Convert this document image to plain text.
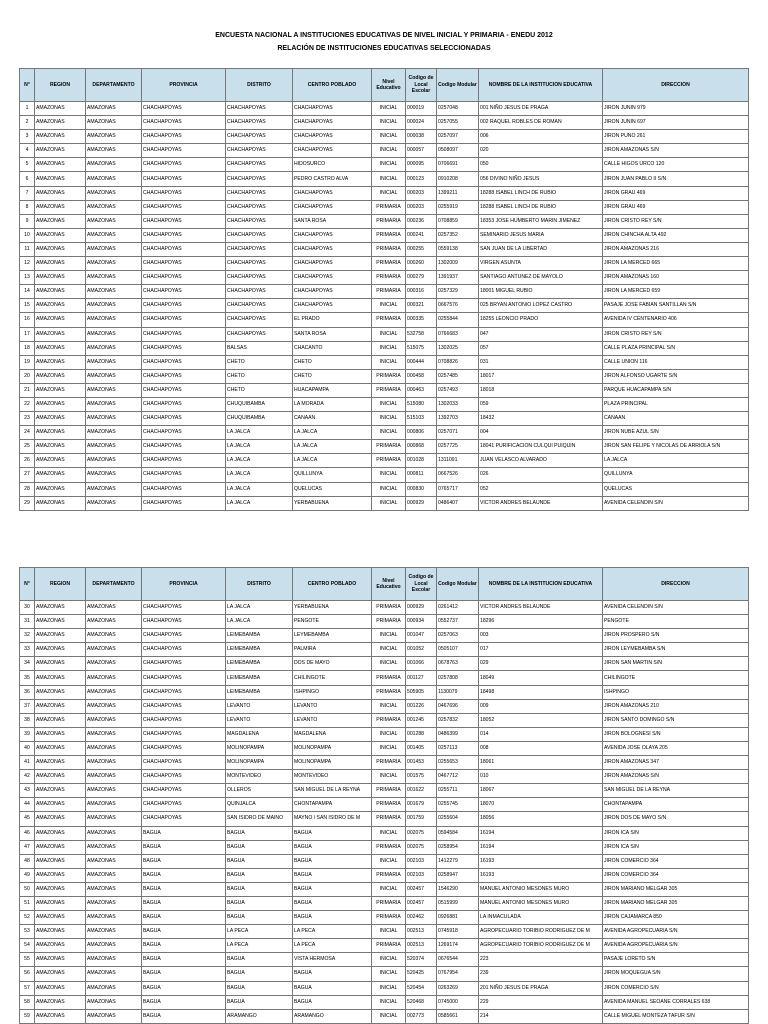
ENCUESTA NACIONAL A INSTITUCIONES EDUCATIVAS DE NIVEL INICIAL Y PRIMARIA - ENEDU 2012
RELACIÓN DE INSTITUCIONES EDUCATIVAS SELECCIONADAS
N°	REGION	DEPARTAMENTO	PROVINCIA	DISTRITO	CENTRO POBLADO	Nivel Educativo	Codigo de Local Escolar	Codigo Modular	NOMBRE DE LA INSTITUCION EDUCATIVA	DIRECCION
1	AMAZONAS	AMAZONAS	CHACHAPOYAS	CHACHAPOYAS	CHACHAPOYAS	INICIAL	000019	0257048	001 NIÑO JESUS DE PRAGA	JIRON JUNIN 979
2	AMAZONAS	AMAZONAS	CHACHAPOYAS	CHACHAPOYAS	CHACHAPOYAS	INICIAL	000024	0257055	002 RAQUEL ROBLES DE ROMAN	JIRON JUNIN 697
3	AMAZONAS	AMAZONAS	CHACHAPOYAS	CHACHAPOYAS	CHACHAPOYAS	INICIAL	000038	0257097	006	JIRON PUNO 261
4	AMAZONAS	AMAZONAS	CHACHAPOYAS	CHACHAPOYAS	CHACHAPOYAS	INICIAL	000057	0508097	020	JIRON AMAZONAS S/N
5	AMAZONAS	AMAZONAS	CHACHAPOYAS	CHACHAPOYAS	HIDOSURCO	INICIAL	000095	0706691	050	CALLE HIGOS URCO 120
6	AMAZONAS	AMAZONAS	CHACHAPOYAS	CHACHAPOYAS	PEDRO CASTRO ALVA	INICIAL	000123	0910208	056 DIVINO NIÑO JESUS	JIRON JUAN PABLO II S/N
7	AMAZONAS	AMAZONAS	CHACHAPOYAS	CHACHAPOYAS	CHACHAPOYAS	INICIAL	000203	1399211	18288 ISABEL LINCH DE RUBIO	JIRON GRAU 469
8	AMAZONAS	AMAZONAS	CHACHAPOYAS	CHACHAPOYAS	CHACHAPOYAS	PRIMARIA	000203	0255919	18288 ISABEL LINCH DE RUBIO	JIRON GRAU 469
9	AMAZONAS	AMAZONAS	CHACHAPOYAS	CHACHAPOYAS	SANTA ROSA	PRIMARIA	000236	0708859	18353 JOSE HUMBERTO MARIN JIMENEZ	JIRON CRISTO REY S/N
10	AMAZONAS	AMAZONAS	CHACHAPOYAS	CHACHAPOYAS	CHACHAPOYAS	PRIMARIA	000241	0257352	SEMINARIO JESUS MARIA	JIRON CHINCHA ALTA 492
11	AMAZONAS	AMAZONAS	CHACHAPOYAS	CHACHAPOYAS	CHACHAPOYAS	PRIMARIA	000255	0559138	SAN JUAN DE LA LIBERTAD	JIRON AMAZONAS 216
12	AMAZONAS	AMAZONAS	CHACHAPOYAS	CHACHAPOYAS	CHACHAPOYAS	PRIMARIA	000260	1302009	VIRGEN ASUNTA	JIRON LA MERCED 665
13	AMAZONAS	AMAZONAS	CHACHAPOYAS	CHACHAPOYAS	CHACHAPOYAS	PRIMARIA	000279	1391937	SANTIAGO ANTUNEZ DE MAYOLO	JIRON AMAZONAS 160
14	AMAZONAS	AMAZONAS	CHACHAPOYAS	CHACHAPOYAS	CHACHAPOYAS	PRIMARIA	000316	0257329	18001 MIGUEL RUBIO	JIRON LA MERCED 659
15	AMAZONAS	AMAZONAS	CHACHAPOYAS	CHACHAPOYAS	CHACHAPOYAS	INICIAL	000321	0667576	025 BRYAN ANTONIO LOPEZ CASTRO	PASAJE JOSE FABIAN SANTILLAN S/N
16	AMAZONAS	AMAZONAS	CHACHAPOYAS	CHACHAPOYAS	EL PRADO	PRIMARIA	000335	0255844	18255 LEONCIO PRADO	AVENIDA IV CENTENARIO 406
17	AMAZONAS	AMAZONAS	CHACHAPOYAS	CHACHAPOYAS	SANTA ROSA	INICIAL	532758	0766683	047	JIRON CRISTO REY S/N
18	AMAZONAS	AMAZONAS	CHACHAPOYAS	BALSAS	CHACANTO	INICIAL	515075	1302025	057	CALLE PLAZA PRINCIPAL S/N
19	AMAZONAS	AMAZONAS	CHACHAPOYAS	CHETO	CHETO	INICIAL	000444	0708826	031	CALLE UNION 116
20	AMAZONAS	AMAZONAS	CHACHAPOYAS	CHETO	CHETO	PRIMARIA	000458	0257485	18017	JIRON ALFONSO UGARTE S/N
21	AMAZONAS	AMAZONAS	CHACHAPOYAS	CHETO	HUACAPAMPA	PRIMARIA	000463	0257493	18018	PARQUE HUACAPAMPA S/N
22	AMAZONAS	AMAZONAS	CHACHAPOYAS	CHUQUIBAMBA	LA MORADA	INICIAL	515080	1302033	059	PLAZA PRINCIPAL
23	AMAZONAS	AMAZONAS	CHACHAPOYAS	CHUQUIBAMBA	CANAAN	INICIAL	515103	1392703	18432	CANAAN
24	AMAZONAS	AMAZONAS	CHACHAPOYAS	LA JALCA	LA JALCA	INICIAL	000806	0257071	004	JIRON NUBE AZUL S/N
25	AMAZONAS	AMAZONAS	CHACHAPOYAS	LA JALCA	LA JALCA	PRIMARIA	000868	0257725	18041 PURIFICACION CULQUI PUIQUIN	JIRON SAN FELIPE Y NICOLAS DE ARRIOLA S/N
26	AMAZONAS	AMAZONAS	CHACHAPOYAS	LA JALCA	LA JALCA	PRIMARIA	001028	1311091	JUAN VELASCO ALVARADO	LA JALCA
27	AMAZONAS	AMAZONAS	CHACHAPOYAS	LA JALCA	QUILLUNYA	INICIAL	000811	0667526	026	QUILLUNYA
28	AMAZONAS	AMAZONAS	CHACHAPOYAS	LA JALCA	QUELUCAS	INICIAL	000830	0765717	052	QUELUCAS
29	AMAZONAS	AMAZONAS	CHACHAPOYAS	LA JALCA	YERBABUENA	INICIAL	000929	0486407	VICTOR ANDRES BELAUNDE	AVENIDA CELENDIN S/N
N°	REGION	DEPARTAMENTO	PROVINCIA	DISTRITO	CENTRO POBLADO	Nivel Educativo	Codigo de Local Escolar	Codigo Modular	NOMBRE DE LA INSTITUCION EDUCATIVA	DIRECCION
30	AMAZONAS	AMAZONAS	CHACHAPOYAS	LA JALCA	YERBABUENA	PRIMARIA	000929	0261412	VICTOR ANDRES BELAUNDE	AVENIDA CELENDIN S/N
31	AMAZONAS	AMAZONAS	CHACHAPOYAS	LA JALCA	PENGOTE	PRIMARIA	000934	0552737	18296	PENGOTE
32	AMAZONAS	AMAZONAS	CHACHAPOYAS	LEIMEBAMBA	LEYMEBAMBA	INICIAL	001047	0257063	003	JIRON PROSPERO S/N
33	AMAZONAS	AMAZONAS	CHACHAPOYAS	LEIMEBAMBA	PALMIRA	INICIAL	001052	0505107	017	JIRON LEYMEBAMBA S/N
34	AMAZONAS	AMAZONAS	CHACHAPOYAS	LEIMEBAMBA	DOS DE MAYO	INICIAL	001066	0678763	029	JIRON SAN MARTIN S/N
35	AMAZONAS	AMAZONAS	CHACHAPOYAS	LEIMEBAMBA	CHILINGOTE	PRIMARIA	001127	0257808	18049	CHILINGOTE
36	AMAZONAS	AMAZONAS	CHACHAPOYAS	LEIMEBAMBA	ISHPINGO	PRIMARIA	505905	1130079	18498	ISHPINGO
37	AMAZONAS	AMAZONAS	CHACHAPOYAS	LEVANTO	LEVANTO	INICIAL	001226	0467696	009	JIRON AMAZONAS 210
38	AMAZONAS	AMAZONAS	CHACHAPOYAS	LEVANTO	LEVANTO	PRIMARIA	001245	0257832	18052	JIRON SANTO DOMINGO S/N
39	AMAZONAS	AMAZONAS	CHACHAPOYAS	MAGDALENA	MAGDALENA	INICIAL	001288	0486399	014	JIRON BOLOGNESI S/N
40	AMAZONAS	AMAZONAS	CHACHAPOYAS	MOLINOPAMPA	MOLINOPAMPA	INICIAL	001405	0257113	008	AVENIDA JOSE OLAYA 205
41	AMAZONAS	AMAZONAS	CHACHAPOYAS	MOLINOPAMPA	MOLINOPAMPA	PRIMARIA	001453	0255653	18061	JIRON AMAZONAS 347
42	AMAZONAS	AMAZONAS	CHACHAPOYAS	MONTEVIDEO	MONTEVIDEO	INICIAL	001575	0467712	010	JIRON AMAZONAS S/N
43	AMAZONAS	AMAZONAS	CHACHAPOYAS	OLLEROS	SAN MIGUEL DE LA REYNA	PRIMARIA	001622	0255711	18067	SAN MIGUEL DE LA REYNA
44	AMAZONAS	AMAZONAS	CHACHAPOYAS	QUINJALCA	CHONTAPAMPA	PRIMARIA	001679	0255745	18070	CHONTAPAMPA
45	AMAZONAS	AMAZONAS	CHACHAPOYAS	SAN ISIDRO DE MAINO	MAYNO / SAN ISIDRO DE M	PRIMARIA	001759	0255604	18056	JIRON DOS DE MAYO S/N
46	AMAZONAS	AMAZONAS	BAGUA	BAGUA	BAGUA	INICIAL	002075	0594584	16194	JIRON ICA S/N
47	AMAZONAS	AMAZONAS	BAGUA	BAGUA	BAGUA	PRIMARIA	002075	0258954	16194	JIRON ICA S/N
48	AMAZONAS	AMAZONAS	BAGUA	BAGUA	BAGUA	INICIAL	002103	1412279	16193	JIRON COMERCIO 364
49	AMAZONAS	AMAZONAS	BAGUA	BAGUA	BAGUA	PRIMARIA	002103	0258947	16193	JIRON COMERCIO 364
50	AMAZONAS	AMAZONAS	BAGUA	BAGUA	BAGUA	INICIAL	002457	1546290	MANUEL ANTONIO MESONES MURO	JIRON MARIANO MELGAR 305
51	AMAZONAS	AMAZONAS	BAGUA	BAGUA	BAGUA	PRIMARIA	002457	0515999	MANUEL ANTONIO MESONES MURO	JIRON MARIANO MELGAR 305
52	AMAZONAS	AMAZONAS	BAGUA	BAGUA	BAGUA	PRIMARIA	002462	0926881	LA INMACULADA	JIRON CAJAMARCA 850
53	AMAZONAS	AMAZONAS	BAGUA	LA PECA	LA PECA	INICIAL	002513	0745918	AGROPECUARIO TORIBIO RODRIGUEZ DE M	AVENIDA AGROPECUARIA S/N
54	AMAZONAS	AMAZONAS	BAGUA	LA PECA	LA PECA	PRIMARIA	002513	1269174	AGROPECUARIO TORIBIO RODRIGUEZ DE M	AVENIDA AGROPECUARIA S/N
55	AMAZONAS	AMAZONAS	BAGUA	BAGUA	VISTA HERMOSA	INICIAL	520374	0676544	223	PASAJE LORETO S/N
56	AMAZONAS	AMAZONAS	BAGUA	BAGUA	BAGUA	INICIAL	520425	0767954	239	JIRON MOQUEGUA S/N
57	AMAZONAS	AMAZONAS	BAGUA	BAGUA	BAGUA	INICIAL	520454	0263269	201 NIÑO JESUS DE PRAGA	JIRON COMERCIO S/N
58	AMAZONAS	AMAZONAS	BAGUA	BAGUA	BAGUA	INICIAL	520468	0745000	229	AVENIDA MANUEL SEOANE CORRALES 638
59	AMAZONAS	AMAZONAS	BAGUA	ARAMANGO	ARAMANGO	INICIAL	002773	0585661	214	CALLE MIGUEL MONTEZA TAFUR S/N
